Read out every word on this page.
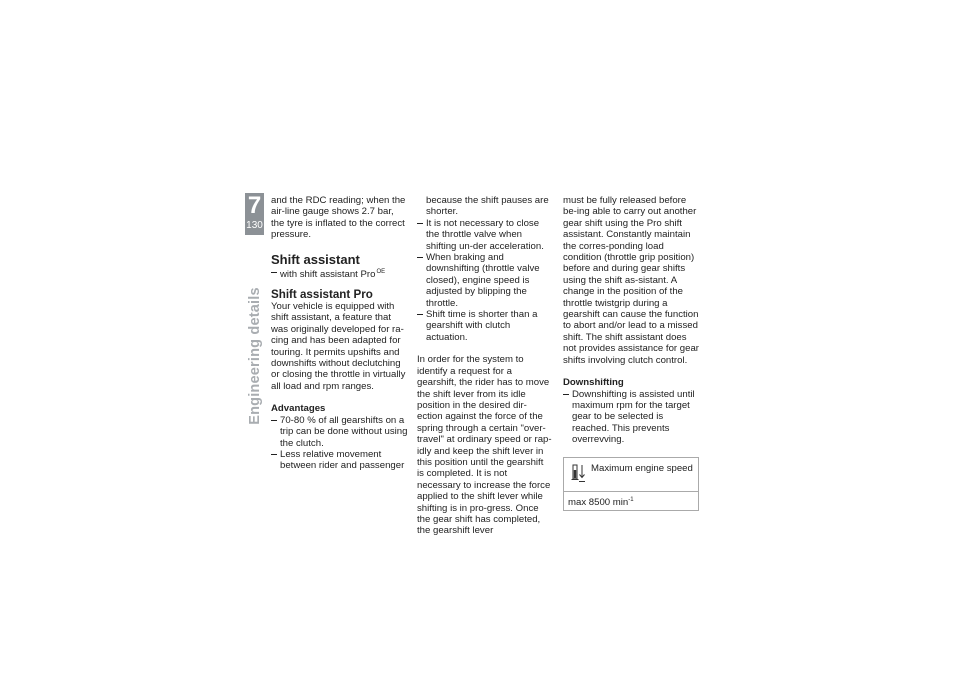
7
130
Engineering details

and the RDC reading; when the air-line gauge shows 2.7 bar, the tyre is inflated to the correct pressure.

Shift assistant
with shift assistant Pro$^{OE}$
Shift assistant Pro

Your vehicle is equipped with shift assistant, a feature that was originally developed for ra-cing and has been adapted for touring. It permits upshifts and downshifts without declutching or closing the throttle in virtually all load and rpm ranges.

Advantages
70-80 % of all gearshifts on a trip can be done without using the clutch.
Less relative movement between rider and passenger

because the shift pauses are shorter.

It is not necessary to close the throttle valve when shifting un-der acceleration.
When braking and downshifting (throttle valve closed), engine speed is adjusted by blipping the throttle.
Shift time is shorter than a gearshift with clutch actuation.

In order for the system to identify a request for a gearshift, the rider has to move the shift lever from its idle position in the desired dir-ection against the force of the spring through a certain "over-travel" at ordinary speed or rap-idly and keep the shift lever in this position until the gearshift is completed. It is not necessary to increase the force applied to the shift lever while shifting is in pro-gress. Once the gear shift has completed, the gearshift lever

must be fully released before be-ing able to carry out another gear shift using the Pro shift assistant. Constantly maintain the corres-ponding load condition (throttle grip position) before and during gear shifts using the shift as-sistant. A change in the position of the throttle twistgrip during a gearshift can cause the function to abort and/or lead to a missed shift. The shift assistant does not provides assistance for gear shifts involving clutch control.

Downshifting
Downshifting is assisted until maximum rpm for the target gear to be selected is reached. This prevents overrevving.
Maximum engine speed
max 8500 $\min^{-1}$
